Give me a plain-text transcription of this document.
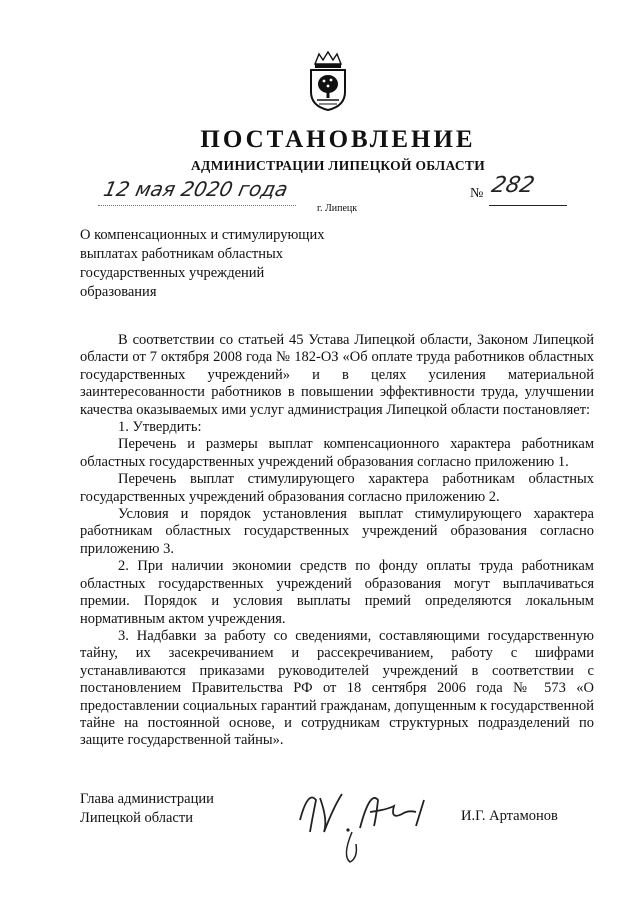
ПОСТАНОВЛЕНИЕ
АДМИНИСТРАЦИИ ЛИПЕЦКОЙ ОБЛАСТИ
12 мая 2020 года	№ 282
г. Липецк
О компенсационных и стимулирующих
выплатах работникам областных
государственных учреждений
образования

В соответствии со статьей 45 Устава Липецкой области, Законом Липецкой области от 7 октября 2008 года № 182-ОЗ «Об оплате труда работников областных государственных учреждений» и в целях усиления материальной заинтересованности работников в повышении эффективности труда, улучшении качества оказываемых ими услуг администрация Липецкой области постановляет:

1. Утвердить:

Перечень и размеры выплат компенсационного характера работникам областных государственных учреждений образования согласно приложению 1.

Перечень выплат стимулирующего характера работникам областных государственных учреждений образования согласно приложению 2.

Условия и порядок установления выплат стимулирующего характера работникам областных государственных учреждений образования согласно приложению 3.

2. При наличии экономии средств по фонду оплаты труда работникам областных государственных учреждений образования могут выплачиваться премии. Порядок и условия выплаты премий определяются локальным нормативным актом учреждения.

3. Надбавки за работу со сведениями, составляющими государственную тайну, их засекречиванием и рассекречиванием, работу с шифрами устанавливаются приказами руководителей учреждений в соответствии с постановлением Правительства РФ от 18 сентября 2006 года № 573 «О предоставлении социальных гарантий гражданам, допущенным к государственной тайне на постоянной основе, и сотрудникам структурных подразделений по защите государственной тайны».

Глава администрации
Липецкой области	И.Г. Артамонов
